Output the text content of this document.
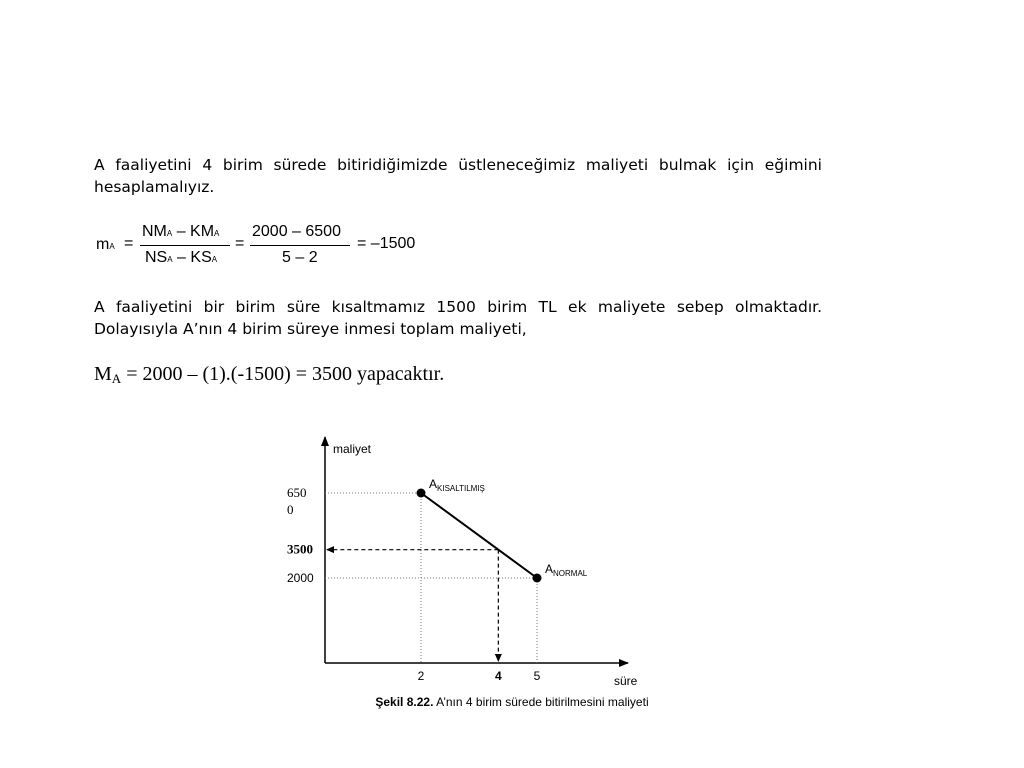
A faaliyetini 4 birim sürede bitiridiğimizde üstleneceğimiz maliyeti bulmak için eğimini hesaplamalıyız.

mA =
NMA – KMA
NSA – KSA
=
2000 – 6500
5 – 2
= –1500

A faaliyetini bir birim süre kısaltmamız 1500 birim TL ek maliyete sebep olmaktadır. Dolayısıyla A’nın 4 birim süreye inmesi toplam maliyeti,

$M_A = 2000 - (1).(-1500) = 3500$ yapacaktır.
maliyet
süre
$A_{KISALTILMIŞ}$
$A_{NORMAL}$
2	4	5
650 0
3500
2000
Şekil 8.22. A’nın 4 birim sürede bitirilmesini maliyeti
